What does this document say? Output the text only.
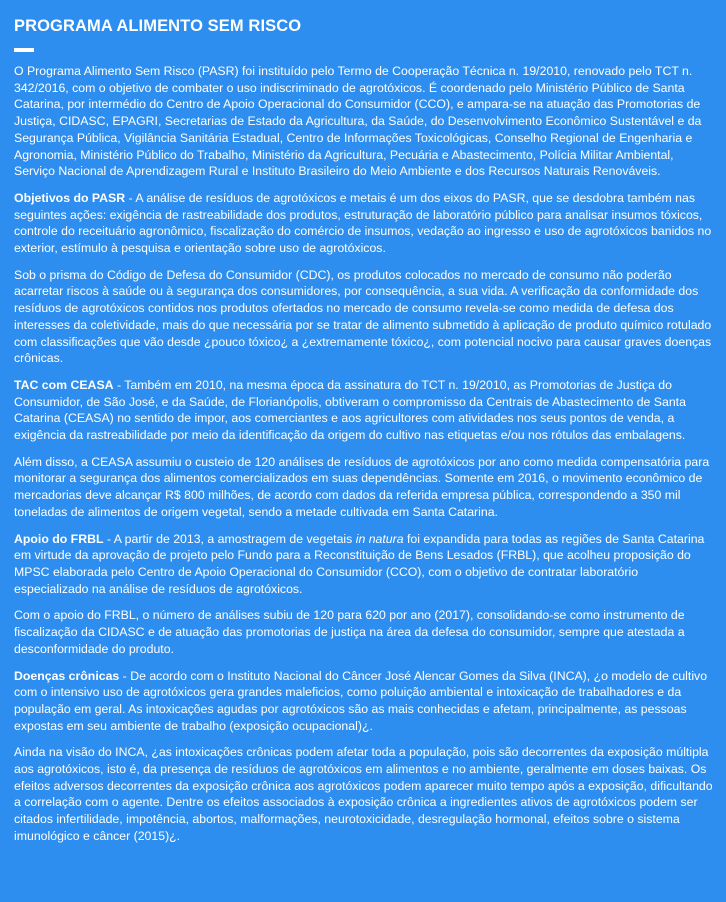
PROGRAMA ALIMENTO SEM RISCO

O Programa Alimento Sem Risco (PASR) foi instituído pelo Termo de Cooperação Técnica n. 19/2010, renovado pelo TCT n. 342/2016, com o objetivo de combater o uso indiscriminado de agrotóxicos. É coordenado pelo Ministério Público de Santa Catarina, por intermédio do Centro de Apoio Operacional do Consumidor (CCO), e ampara-se na atuação das Promotorias de Justiça, CIDASC, EPAGRI, Secretarias de Estado da Agricultura, da Saúde, do Desenvolvimento Econômico Sustentável e da Segurança Pública, Vigilância Sanitária Estadual, Centro de Informações Toxicológicas, Conselho Regional de Engenharia e Agronomia, Ministério Público do Trabalho, Ministério da Agricultura, Pecuária e Abastecimento, Polícia Militar Ambiental, Serviço Nacional de Aprendizagem Rural e Instituto Brasileiro do Meio Ambiente e dos Recursos Naturais Renováveis.

Objetivos do PASR - A análise de resíduos de agrotóxicos e metais é um dos eixos do PASR, que se desdobra também nas seguintes ações: exigência de rastreabilidade dos produtos, estruturação de laboratório público para analisar insumos tóxicos, controle do receituário agronômico, fiscalização do comércio de insumos, vedação ao ingresso e uso de agrotóxicos banidos no exterior, estímulo à pesquisa e orientação sobre uso de agrotóxicos.

Sob o prisma do Código de Defesa do Consumidor (CDC), os produtos colocados no mercado de consumo não poderão acarretar riscos à saúde ou à segurança dos consumidores, por consequência, a sua vida. A verificação da conformidade dos resíduos de agrotóxicos contidos nos produtos ofertados no mercado de consumo revela-se como medida de defesa dos interesses da coletividade, mais do que necessária por se tratar de alimento submetido à aplicação de produto químico rotulado com classificações que vão desde ¿pouco tóxico¿ a ¿extremamente tóxico¿, com potencial nocivo para causar graves doenças crônicas.

TAC com CEASA - Também em 2010, na mesma época da assinatura do TCT n. 19/2010, as Promotorias de Justiça do Consumidor, de São José, e da Saúde, de Florianópolis, obtiveram o compromisso da Centrais de Abastecimento de Santa Catarina (CEASA) no sentido de impor, aos comerciantes e aos agricultores com atividades nos seus pontos de venda, a exigência da rastreabilidade por meio da identificação da origem do cultivo nas etiquetas e/ou nos rótulos das embalagens.

Além disso, a CEASA assumiu o custeio de 120 análises de resíduos de agrotóxicos por ano como medida compensatória para monitorar a segurança dos alimentos comercializados em suas dependências. Somente em 2016, o movimento econômico de mercadorias deve alcançar R$ 800 milhões, de acordo com dados da referida empresa pública, correspondendo a 350 mil toneladas de alimentos de origem vegetal, sendo a metade cultivada em Santa Catarina.

Apoio do FRBL - A partir de 2013, a amostragem de vegetais in natura foi expandida para todas as regiões de Santa Catarina em virtude da aprovação de projeto pelo Fundo para a Reconstituição de Bens Lesados (FRBL), que acolheu proposição do MPSC elaborada pelo Centro de Apoio Operacional do Consumidor (CCO), com o objetivo de contratar laboratório especializado na análise de resíduos de agrotóxicos.

Com o apoio do FRBL, o número de análises subiu de 120 para 620 por ano (2017), consolidando-se como instrumento de fiscalização da CIDASC e de atuação das promotorias de justiça na área da defesa do consumidor, sempre que atestada a desconformidade do produto.

Doenças crônicas - De acordo com o Instituto Nacional do Câncer José Alencar Gomes da Silva (INCA), ¿o modelo de cultivo com o intensivo uso de agrotóxicos gera grandes maleficios, como poluição ambiental e intoxicação de trabalhadores e da população em geral. As intoxicações agudas por agrotóxicos são as mais conhecidas e afetam, principalmente, as pessoas expostas em seu ambiente de trabalho (exposição ocupacional)¿.

Ainda na visão do INCA, ¿as intoxicações crônicas podem afetar toda a população, pois são decorrentes da exposição múltipla aos agrotóxicos, isto é, da presença de resíduos de agrotóxicos em alimentos e no ambiente, geralmente em doses baixas. Os efeitos adversos decorrentes da exposição crônica aos agrotóxicos podem aparecer muito tempo após a exposição, dificultando a correlação com o agente. Dentre os efeitos associados à exposição crônica a ingredientes ativos de agrotóxicos podem ser citados infertilidade, impotência, abortos, malformações, neurotoxicidade, desregulação hormonal, efeitos sobre o sistema imunológico e câncer (2015)¿.
